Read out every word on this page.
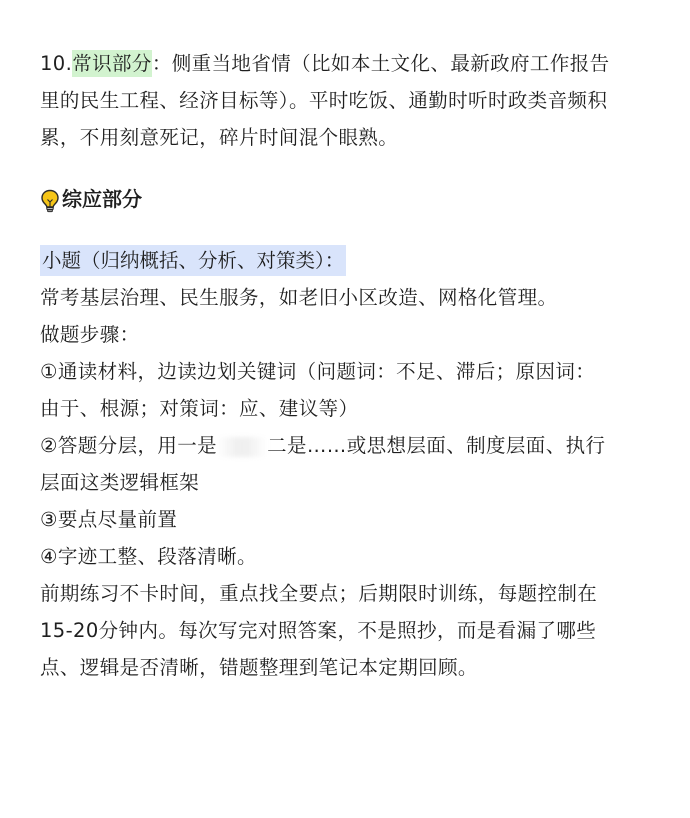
10.常识部分：侧重当地省情（比如本土文化、最新政府工作报告

里的民生工程、经济目标等）。平时吃饭、通勤时听时政类音频积

累，不用刻意死记，碎片时间混个眼熟。

综应部分
小题（归纳概括、分析、对策类）：

常考基层治理、民生服务，如老旧小区改造、网格化管理。

做题步骤：

①通读材料，边读边划关键词（问题词：不足、滞后；原因词：

由于、根源；对策词：应、建议等）

②答题分层，用一是	二是……或思想层面、制度层面、执行

层面这类逻辑框架

③要点尽量前置

④字迹工整、段落清晰。

前期练习不卡时间，重点找全要点；后期限时训练，每题控制在

15-20分钟内。每次写完对照答案，不是照抄，而是看漏了哪些

点、逻辑是否清晰，错题整理到笔记本定期回顾。
